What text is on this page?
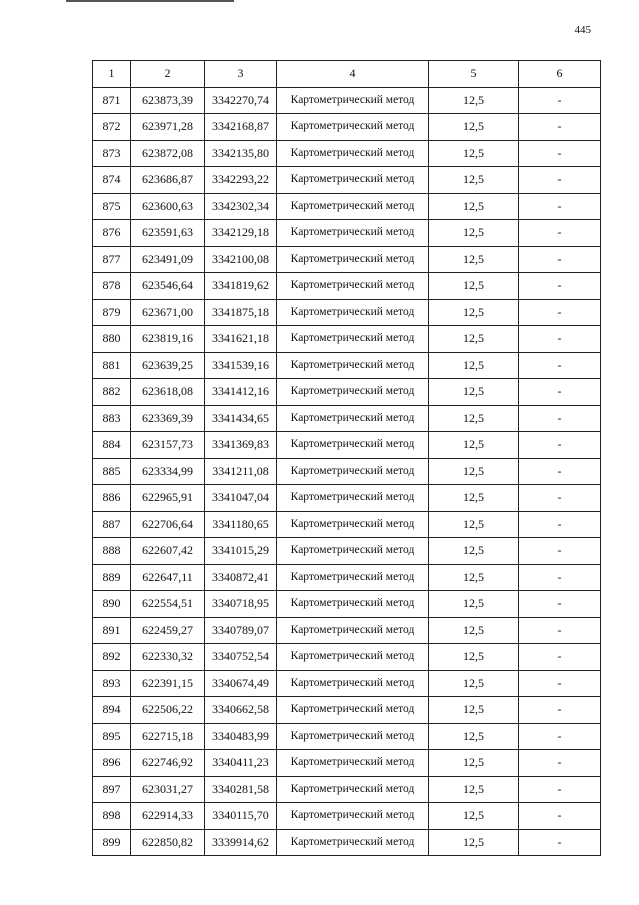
445
1	2	3	4	5	6
871	623873,39	3342270,74	Картометрический метод	12,5	-
872	623971,28	3342168,87	Картометрический метод	12,5	-
873	623872,08	3342135,80	Картометрический метод	12,5	-
874	623686,87	3342293,22	Картометрический метод	12,5	-
875	623600,63	3342302,34	Картометрический метод	12,5	-
876	623591,63	3342129,18	Картометрический метод	12,5	-
877	623491,09	3342100,08	Картометрический метод	12,5	-
878	623546,64	3341819,62	Картометрический метод	12,5	-
879	623671,00	3341875,18	Картометрический метод	12,5	-
880	623819,16	3341621,18	Картометрический метод	12,5	-
881	623639,25	3341539,16	Картометрический метод	12,5	-
882	623618,08	3341412,16	Картометрический метод	12,5	-
883	623369,39	3341434,65	Картометрический метод	12,5	-
884	623157,73	3341369,83	Картометрический метод	12,5	-
885	623334,99	3341211,08	Картометрический метод	12,5	-
886	622965,91	3341047,04	Картометрический метод	12,5	-
887	622706,64	3341180,65	Картометрический метод	12,5	-
888	622607,42	3341015,29	Картометрический метод	12,5	-
889	622647,11	3340872,41	Картометрический метод	12,5	-
890	622554,51	3340718,95	Картометрический метод	12,5	-
891	622459,27	3340789,07	Картометрический метод	12,5	-
892	622330,32	3340752,54	Картометрический метод	12,5	-
893	622391,15	3340674,49	Картометрический метод	12,5	-
894	622506,22	3340662,58	Картометрический метод	12,5	-
895	622715,18	3340483,99	Картометрический метод	12,5	-
896	622746,92	3340411,23	Картометрический метод	12,5	-
897	623031,27	3340281,58	Картометрический метод	12,5	-
898	622914,33	3340115,70	Картометрический метод	12,5	-
899	622850,82	3339914,62	Картометрический метод	12,5	-
